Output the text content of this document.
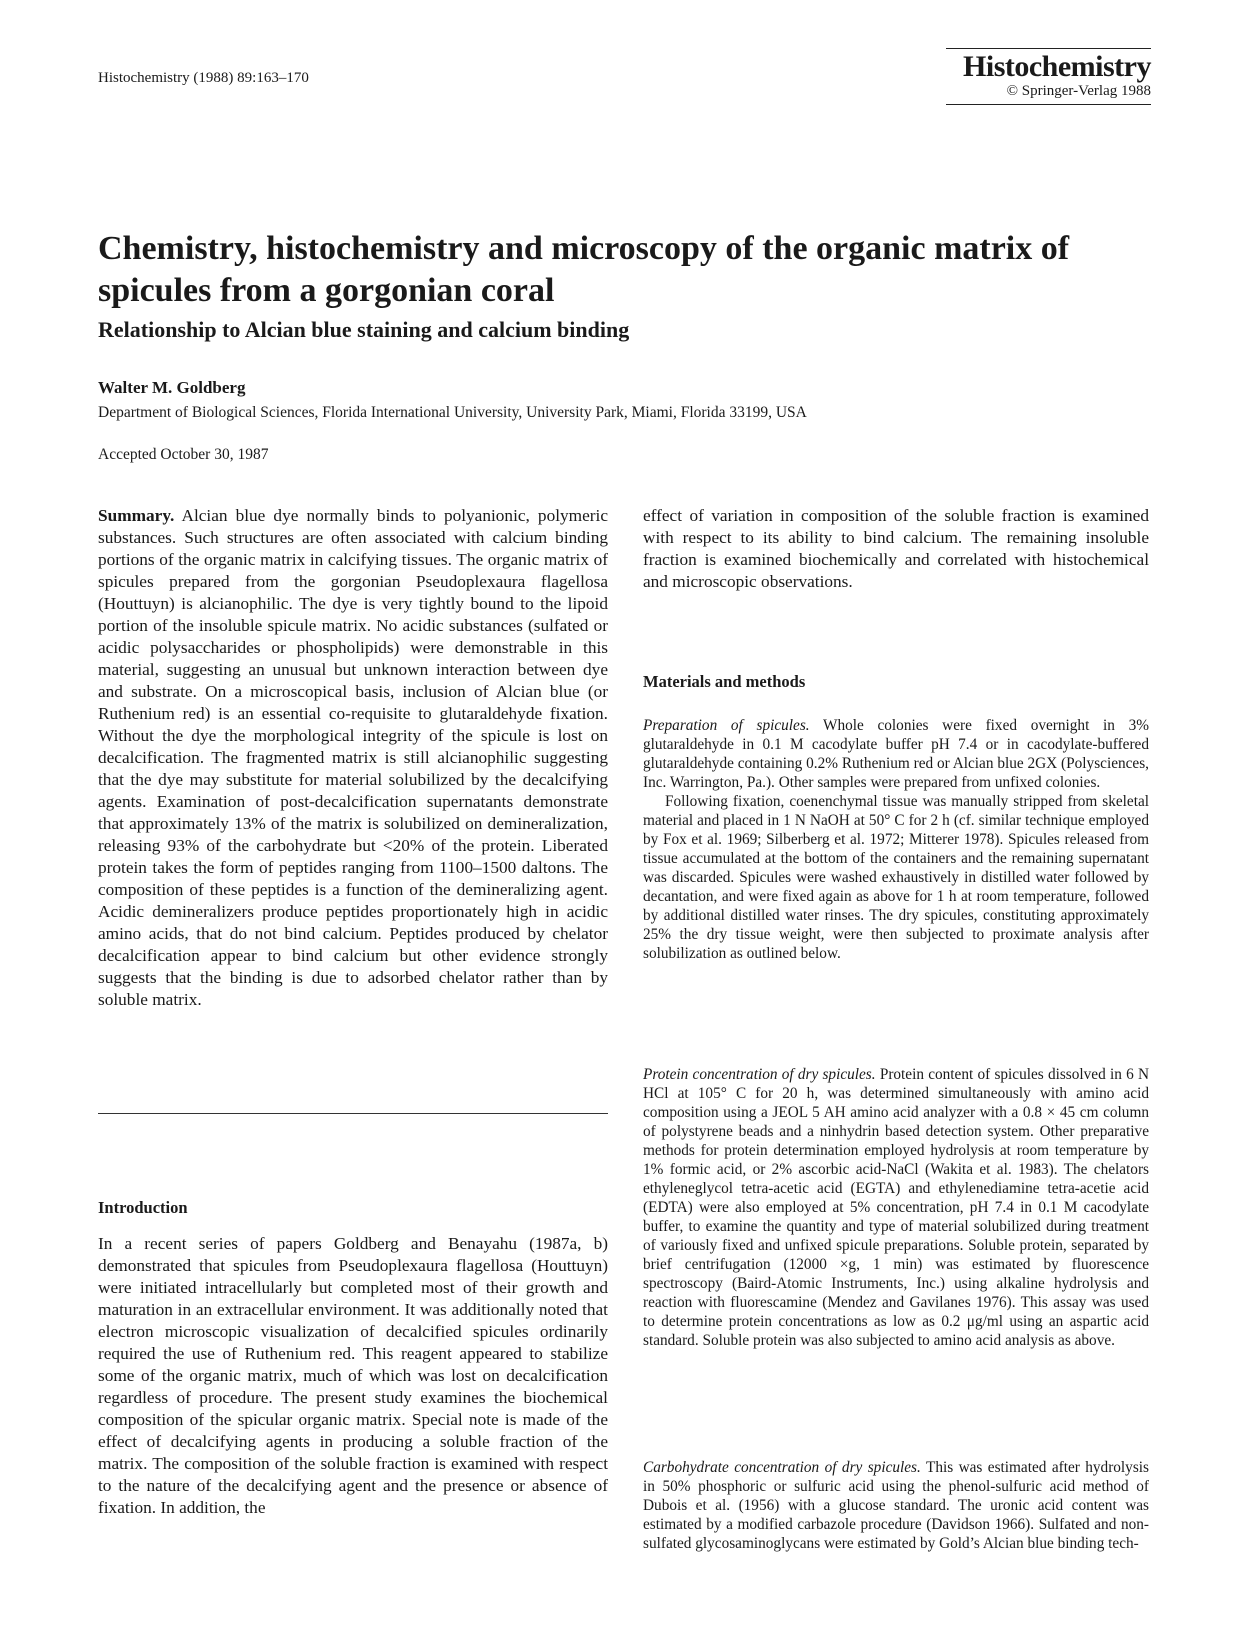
Histochemistry (1988) 89:163–170	Histochemistry
© Springer-Verlag 1988
Chemistry, histochemistry and microscopy of the organic matrix of spicules from a gorgonian coral
Relationship to Alcian blue staining and calcium binding
Walter M. Goldberg
Department of Biological Sciences, Florida International University, University Park, Miami, Florida 33199, USA
Accepted October 30, 1987

Summary. Alcian blue dye normally binds to polyanionic, polymeric substances. Such structures are often associated with calcium binding portions of the organic matrix in calcifying tissues. The organic matrix of spicules prepared from the gorgonian Pseudoplexaura flagellosa (Houttuyn) is alcianophilic. The dye is very tightly bound to the lipoid portion of the insoluble spicule matrix. No acidic substances (sulfated or acidic polysaccharides or phospholipids) were demonstrable in this material, suggesting an unusual but unknown interaction between dye and substrate. On a microscopical basis, inclusion of Alcian blue (or Ruthenium red) is an essential co-requisite to glutaraldehyde fixation. Without the dye the morphological integrity of the spicule is lost on decalcification. The fragmented matrix is still alcianophilic suggesting that the dye may substitute for material solubilized by the decalcifying agents. Examination of post-decalcification supernatants demonstrate that approximately 13% of the matrix is solubilized on demineralization, releasing 93% of the carbohydrate but <20% of the protein. Liberated protein takes the form of peptides ranging from 1100–1500 daltons. The composition of these peptides is a function of the demineralizing agent. Acidic demineralizers produce peptides proportionately high in acidic amino acids, that do not bind calcium. Peptides produced by chelator decalcification appear to bind calcium but other evidence strongly suggests that the binding is due to adsorbed chelator rather than by soluble matrix.

Introduction

In a recent series of papers Goldberg and Benayahu (1987a, b) demonstrated that spicules from Pseudoplexaura flagellosa (Houttuyn) were initiated intracellularly but completed most of their growth and maturation in an extracellular environment. It was additionally noted that electron microscopic visualization of decalcified spicules ordinarily required the use of Ruthenium red. This reagent appeared to stabilize some of the organic matrix, much of which was lost on decalcification regardless of procedure. The present study examines the biochemical composition of the spicular organic matrix. Special note is made of the effect of decalcifying agents in producing a soluble fraction of the matrix. The composition of the soluble fraction is examined with respect to the nature of the decalcifying agent and the presence or absence of fixation. In addition, the

effect of variation in composition of the soluble fraction is examined with respect to its ability to bind calcium. The remaining insoluble fraction is examined biochemically and correlated with histochemical and microscopic observations.

Materials and methods

Preparation of spicules. Whole colonies were fixed overnight in 3% glutaraldehyde in 0.1 M cacodylate buffer pH 7.4 or in cacodylate-buffered glutaraldehyde containing 0.2% Ruthenium red or Alcian blue 2GX (Polysciences, Inc. Warrington, Pa.). Other samples were prepared from unfixed colonies.

Following fixation, coenenchymal tissue was manually stripped from skeletal material and placed in 1 N NaOH at 50° C for 2 h (cf. similar technique employed by Fox et al. 1969; Silberberg et al. 1972; Mitterer 1978). Spicules released from tissue accumulated at the bottom of the containers and the remaining supernatant was discarded. Spicules were washed exhaustively in distilled water followed by decantation, and were fixed again as above for 1 h at room temperature, followed by additional distilled water rinses. The dry spicules, constituting approximately 25% the dry tissue weight, were then subjected to proximate analysis after solubilization as outlined below.

Protein concentration of dry spicules. Protein content of spicules dissolved in 6 N HCl at 105° C for 20 h, was determined simultaneously with amino acid composition using a JEOL 5 AH amino acid analyzer with a 0.8 × 45 cm column of polystyrene beads and a ninhydrin based detection system. Other preparative methods for protein determination employed hydrolysis at room temperature by 1% formic acid, or 2% ascorbic acid-NaCl (Wakita et al. 1983). The chelators ethyleneglycol tetra-acetic acid (EGTA) and ethylenediamine tetra-acetie acid (EDTA) were also employed at 5% concentration, pH 7.4 in 0.1 M cacodylate buffer, to examine the quantity and type of material solubilized during treatment of variously fixed and unfixed spicule preparations. Soluble protein, separated by brief centrifugation (12000 ×g, 1 min) was estimated by fluorescence spectroscopy (Baird-Atomic Instruments, Inc.) using alkaline hydrolysis and reaction with fluorescamine (Mendez and Gavilanes 1976). This assay was used to determine protein concentrations as low as 0.2 μg/ml using an aspartic acid standard. Soluble protein was also subjected to amino acid analysis as above.

Carbohydrate concentration of dry spicules. This was estimated after hydrolysis in 50% phosphoric or sulfuric acid using the phenol-sulfuric acid method of Dubois et al. (1956) with a glucose standard. The uronic acid content was estimated by a modified carbazole procedure (Davidson 1966). Sulfated and non-sulfated glycosaminoglycans were estimated by Gold’s Alcian blue binding tech-
